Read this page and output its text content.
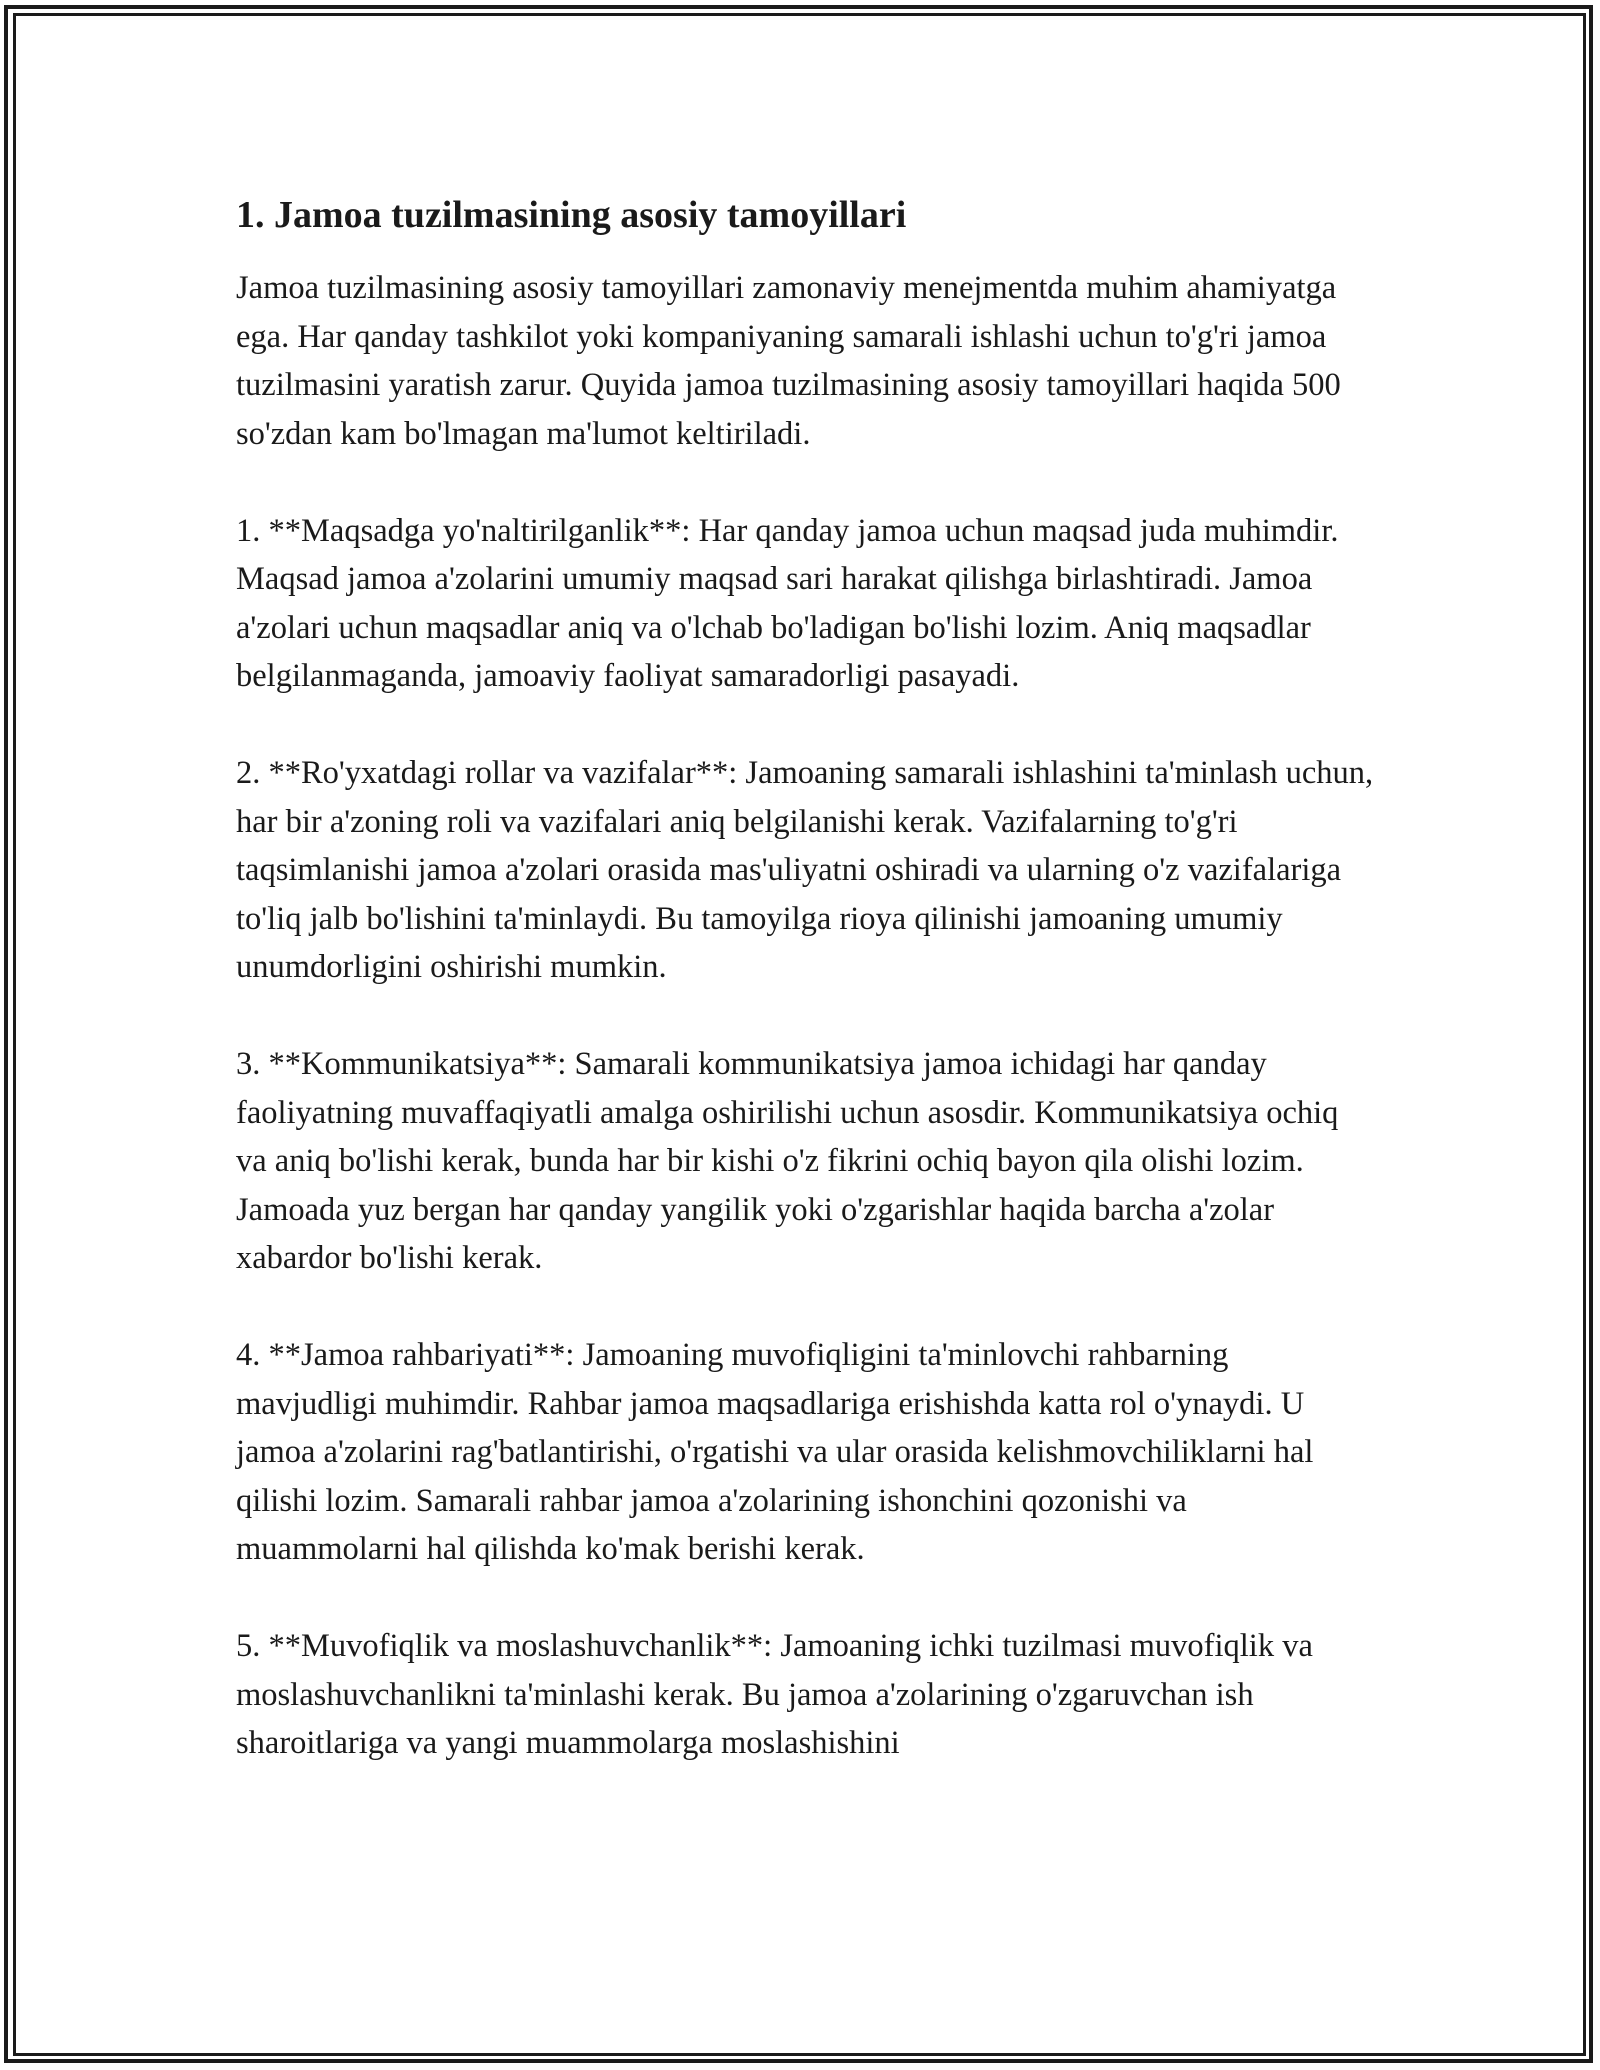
1. Jamoa tuzilmasining asosiy tamoyillari

Jamoa tuzilmasining asosiy tamoyillari zamonaviy menejmentda muhim ahamiyatga ega. Har qanday tashkilot yoki kompaniyaning samarali ishlashi uchun to'g'ri jamoa tuzilmasini yaratish zarur. Quyida jamoa tuzilmasining asosiy tamoyillari haqida 500 so'zdan kam bo'lmagan ma'lumot keltiriladi.

1. **Maqsadga yo'naltirilganlik**: Har qanday jamoa uchun maqsad juda muhimdir. Maqsad jamoa a'zolarini umumiy maqsad sari harakat qilishga birlashtiradi. Jamoa a'zolari uchun maqsadlar aniq va o'lchab bo'ladigan bo'lishi lozim. Aniq maqsadlar belgilanmaganda, jamoaviy faoliyat samaradorligi pasayadi.

2. **Ro'yxatdagi rollar va vazifalar**: Jamoaning samarali ishlashini ta'minlash uchun, har bir a'zoning roli va vazifalari aniq belgilanishi kerak. Vazifalarning to'g'ri taqsimlanishi jamoa a'zolari orasida mas'uliyatni oshiradi va ularning o'z vazifalariga to'liq jalb bo'lishini ta'minlaydi. Bu tamoyilga rioya qilinishi jamoaning umumiy unumdorligini oshirishi mumkin.

3. **Kommunikatsiya**: Samarali kommunikatsiya jamoa ichidagi har qanday faoliyatning muvaffaqiyatli amalga oshirilishi uchun asosdir. Kommunikatsiya ochiq va aniq bo'lishi kerak, bunda har bir kishi o'z fikrini ochiq bayon qila olishi lozim. Jamoada yuz bergan har qanday yangilik yoki o'zgarishlar haqida barcha a'zolar xabardor bo'lishi kerak.

4. **Jamoa rahbariyati**: Jamoaning muvofiqligini ta'minlovchi rahbarning mavjudligi muhimdir. Rahbar jamoa maqsadlariga erishishda katta rol o'ynaydi. U jamoa a'zolarini rag'batlantirishi, o'rgatishi va ular orasida kelishmovchiliklarni hal qilishi lozim. Samarali rahbar jamoa a'zolarining ishonchini qozonishi va muammolarni hal qilishda ko'mak berishi kerak.

5. **Muvofiqlik va moslashuvchanlik**: Jamoaning ichki tuzilmasi muvofiqlik va moslashuvchanlikni ta'minlashi kerak. Bu jamoa a'zolarining o'zgaruvchan ish sharoitlariga va yangi muammolarga moslashishini
